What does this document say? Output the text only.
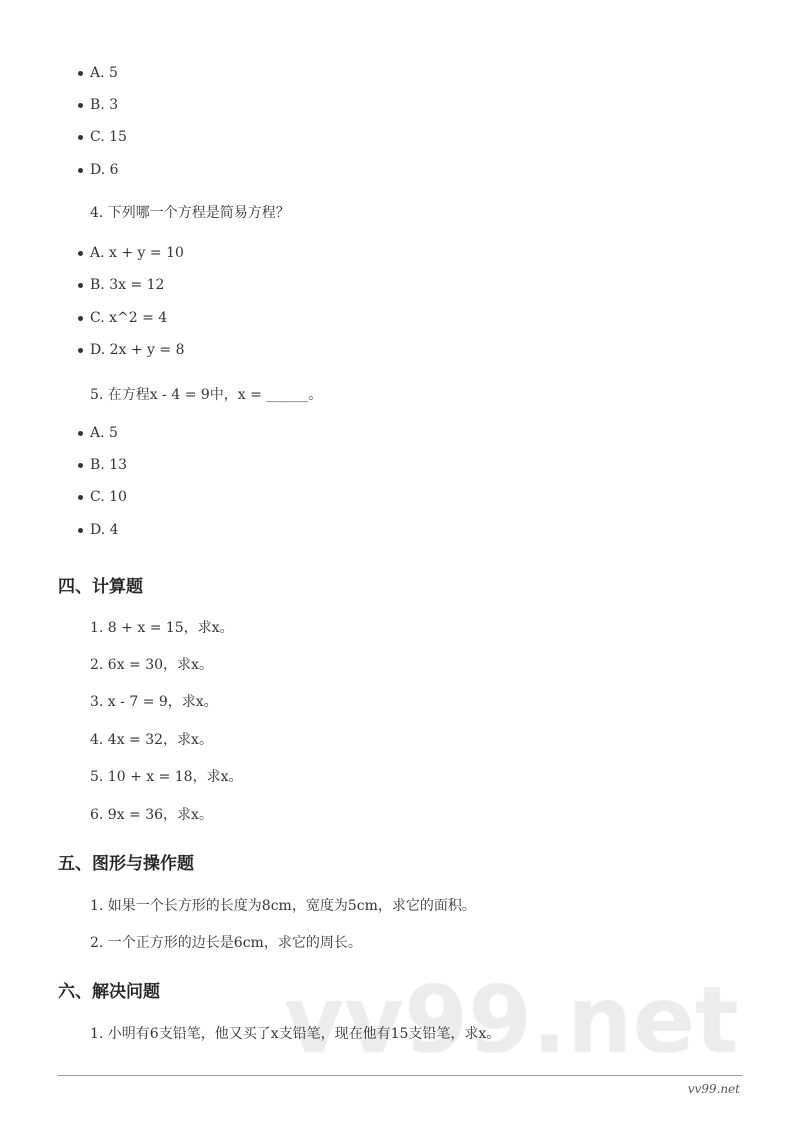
A. 5
B. 3
C. 15
D. 6
4. 下列哪一个方程是简易方程？
A. x + y = 10
B. 3x = 12
C. x^2 = 4
D. 2x + y = 8
5. 在方程x - 4 = 9中，x = ______。
A. 5
B. 13
C. 10
D. 4
四、计算题
1. 8 + x = 15，求x。
2. 6x = 30，求x。
3. x - 7 = 9，求x。
4. 4x = 32，求x。
5. 10 + x = 18，求x。
6. 9x = 36，求x。
五、图形与操作题
1. 如果一个长方形的长度为8cm，宽度为5cm，求它的面积。
2. 一个正方形的边长是6cm，求它的周长。
六、解决问题
1. 小明有6支铅笔，他又买了x支铅笔，现在他有15支铅笔，求x。
vv99.net
